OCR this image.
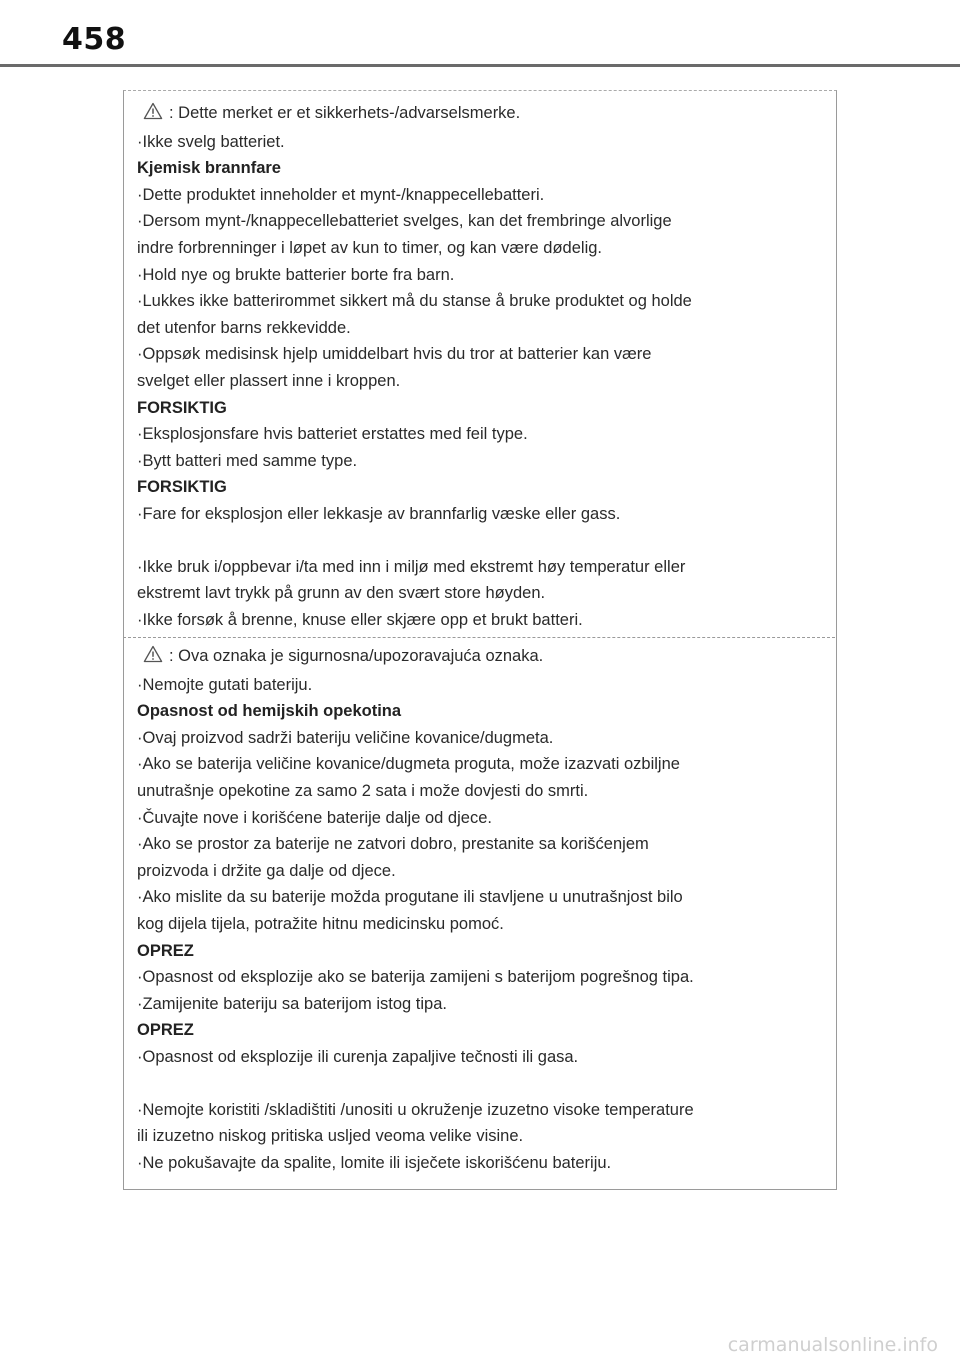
458
: Dette merket er et sikkerhets-/advarselsmerke.
·Ikke svelg batteriet.
Kjemisk brannfare
·Dette produktet inneholder et mynt-/knappecellebatteri.
·Dersom mynt-/knappecellebatteriet svelges, kan det frembringe alvorlige
indre forbrenninger i løpet av kun to timer, og kan være dødelig.
·Hold nye og brukte batterier borte fra barn.
·Lukkes ikke batterirommet sikkert må du stanse å bruke produktet og holde
det utenfor barns rekkevidde.
·Oppsøk medisinsk hjelp umiddelbart hvis du tror at batterier kan være
svelget eller plassert inne i kroppen.
FORSIKTIG
·Eksplosjonsfare hvis batteriet erstattes med feil type.
·Bytt batteri med samme type.
FORSIKTIG
·Fare for eksplosjon eller lekkasje av brannfarlig væske eller gass.
·Ikke bruk i/oppbevar i/ta med inn i miljø med ekstremt høy temperatur eller
ekstremt lavt trykk på grunn av den svært store høyden.
·Ikke forsøk å brenne, knuse eller skjære opp et brukt batteri.
: Ova oznaka je sigurnosna/upozoravajuća oznaka.
·Nemojte gutati bateriju.
Opasnost od hemijskih opekotina
·Ovaj proizvod sadrži bateriju veličine kovanice/dugmeta.
·Ako se baterija veličine kovanice/dugmeta proguta, može izazvati ozbiljne
unutrašnje opekotine za samo 2 sata i može dovjesti do smrti.
·Čuvajte nove i korišćene baterije dalje od djece.
·Ako se prostor za baterije ne zatvori dobro, prestanite sa korišćenjem
proizvoda i držite ga dalje od djece.
·Ako mislite da su baterije možda progutane ili stavljene u unutrašnjost bilo
kog dijela tijela, potražite hitnu medicinsku pomoć.
OPREZ
·Opasnost od eksplozije ako se baterija zamijeni s baterijom pogrešnog tipa.
·Zamijenite bateriju sa baterijom istog tipa.
OPREZ
·Opasnost od eksplozije ili curenja zapaljive tečnosti ili gasa.
·Nemojte koristiti /skladištiti /unositi u okruženje izuzetno visoke temperature
ili izuzetno niskog pritiska usljed veoma velike visine.
·Ne pokušavajte da spalite, lomite ili isječete iskorišćenu bateriju.
carmanualsonline.info
